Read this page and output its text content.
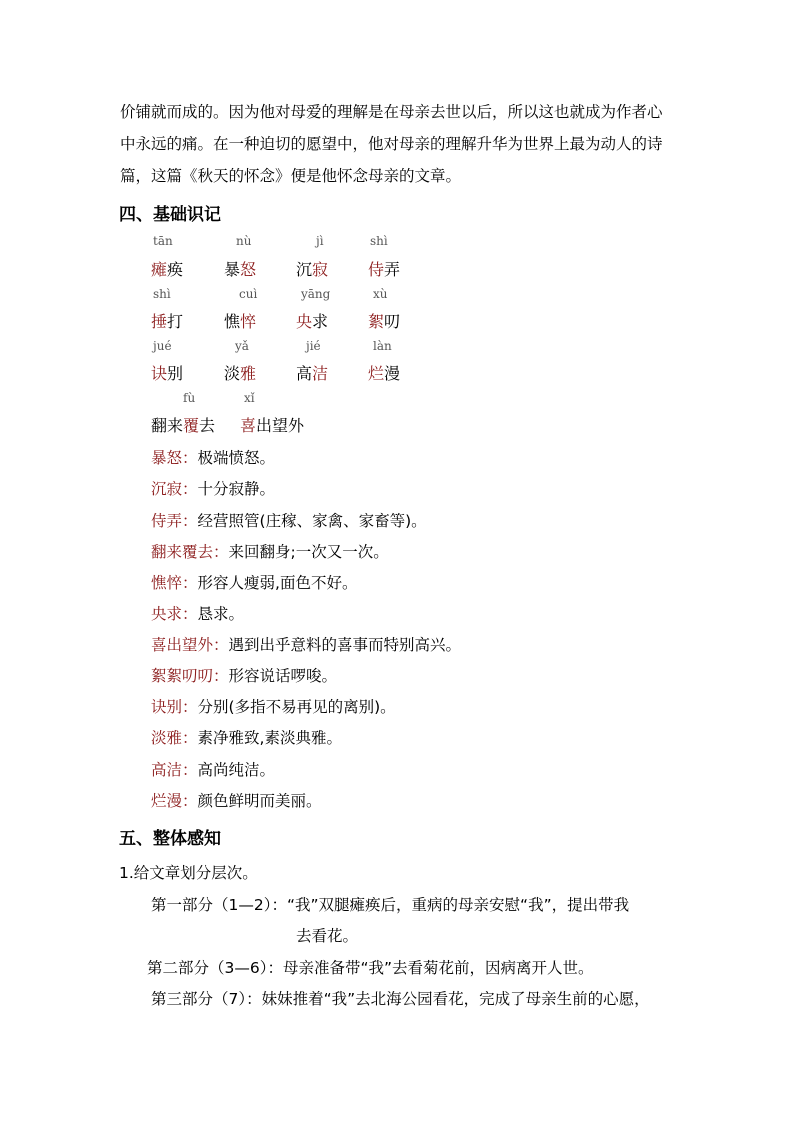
价铺就而成的。因为他对母爱的理解是在母亲去世以后，所以这也就成为作者心
中永远的痛。在一种迫切的愿望中，他对母亲的理解升华为世界上最为动人的诗
篇，这篇《秋天的怀念》便是他怀念母亲的文章。
四、基础识记
tān	nù	jì	shì
瘫痪	暴怒 沉寂 侍弄
shì	cuì	yāng	xù
捶打	憔悴 央求 絮叨
jué	yǎ	jié	làn
诀别	淡雅 高洁 烂漫
fù	xǐ
翻来覆去 喜出望外
暴怒：极端愤怒。
沉寂：十分寂静。
侍弄：经营照管(庄稼、家禽、家畜等)。
翻来覆去：来回翻身;一次又一次。
憔悴：形容人瘦弱,面色不好。
央求：恳求。
喜出望外：遇到出乎意料的喜事而特别高兴。
絮絮叨叨：形容说话啰唆。
诀别：分别(多指不易再见的离别)。
淡雅：素净雅致,素淡典雅。
高洁：高尚纯洁。
烂漫：颜色鲜明而美丽。
五、整体感知
1.给文章划分层次。
第一部分（1—2）：“我”双腿瘫痪后，重病的母亲安慰“我”，提出带我
去看花。
第二部分（3—6）：母亲准备带“我”去看菊花前，因病离开人世。
第三部分（7）：妹妹推着“我”去北海公园看花，完成了母亲生前的心愿，
